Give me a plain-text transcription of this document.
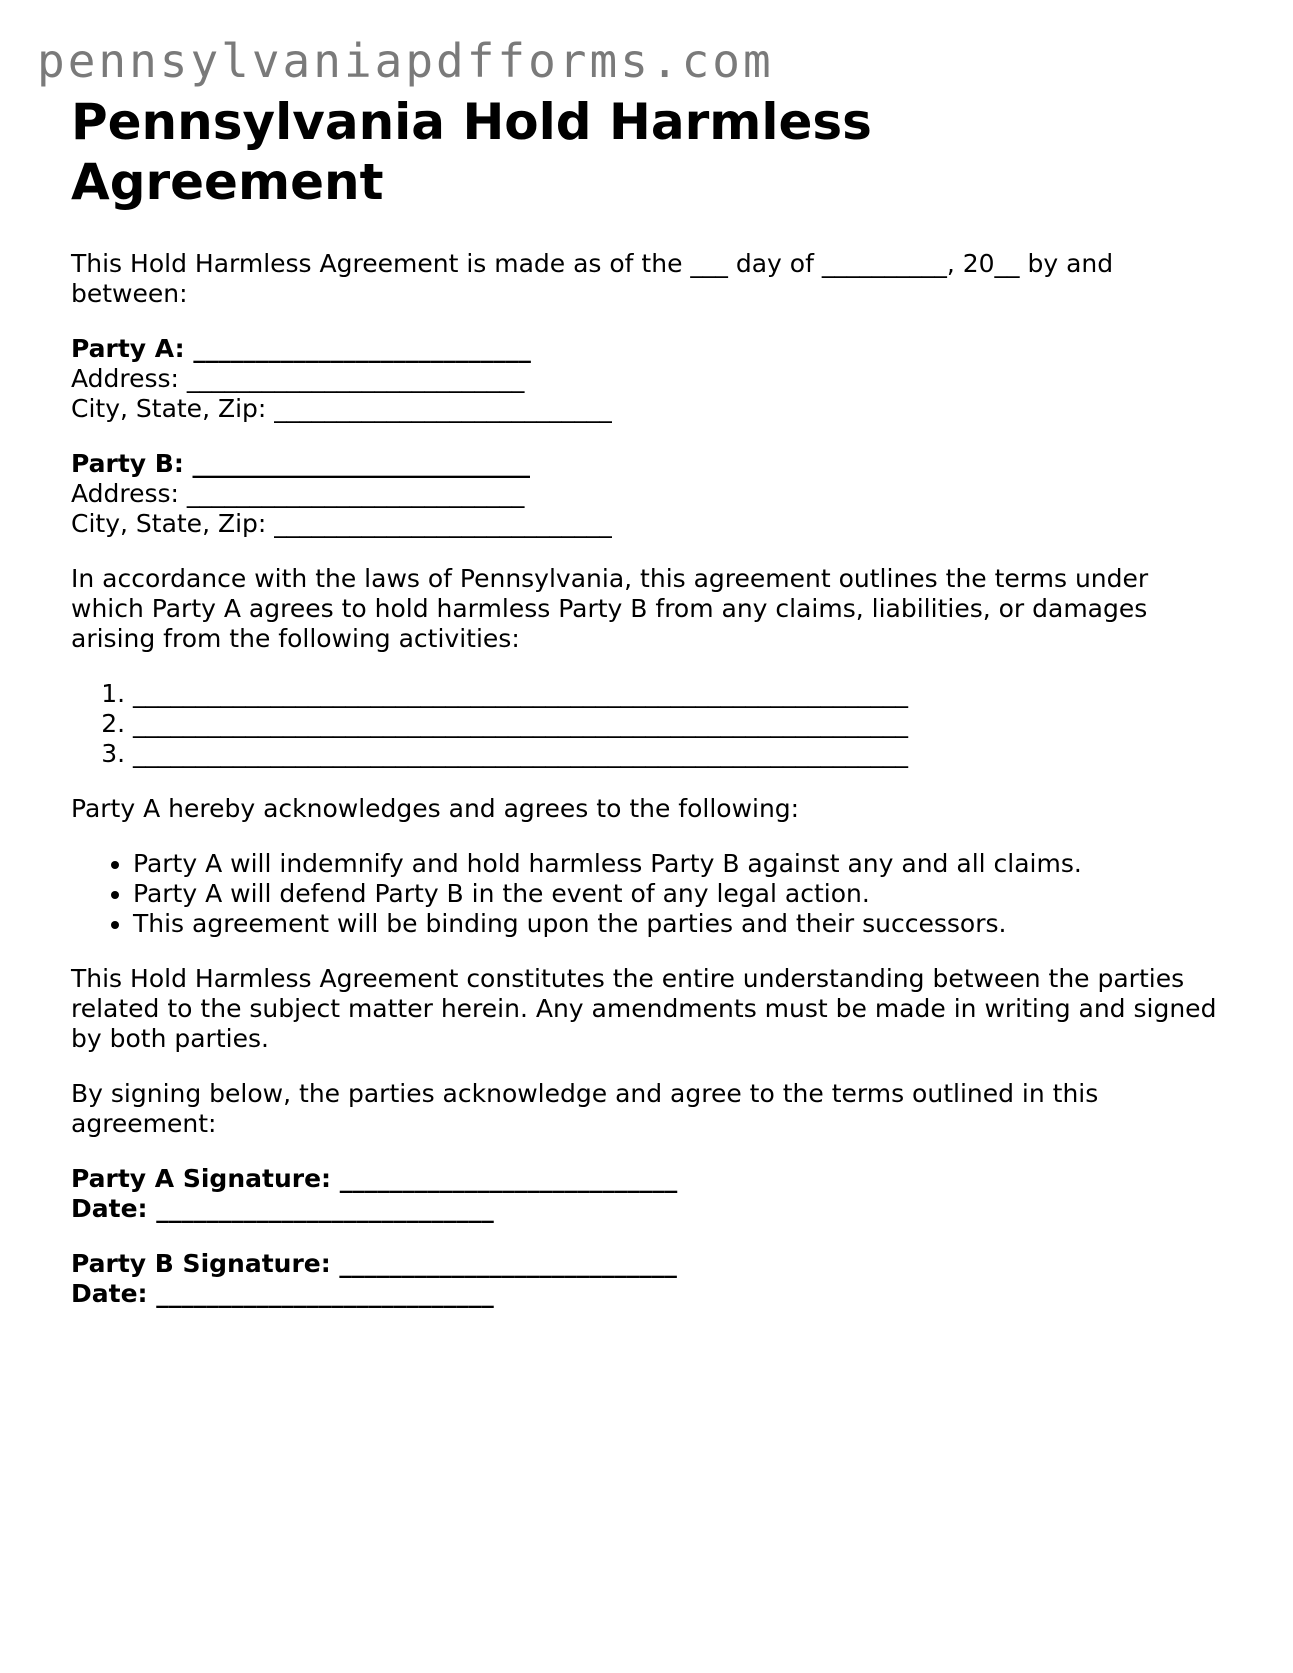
pennsylvaniapdfforms.com
Pennsylvania Hold Harmless Agreement

This Hold Harmless Agreement is made as of the ___ day of __________, 20__ by and between:

Party A: ___________________________
Address: ___________________________
City, State, Zip: ___________________________
Party B: ___________________________
Address: ___________________________
City, State, Zip: ___________________________

In accordance with the laws of Pennsylvania, this agreement outlines the terms under which Party A agrees to hold harmless Party B from any claims, liabilities, or damages arising from the following activities:

1. ______________________________________________________________
2. ______________________________________________________________
3. ______________________________________________________________

Party A hereby acknowledges and agrees to the following:

• Party A will indemnify and hold harmless Party B against any and all claims.
• Party A will defend Party B in the event of any legal action.
• This agreement will be binding upon the parties and their successors.

This Hold Harmless Agreement constitutes the entire understanding between the parties related to the subject matter herein. Any amendments must be made in writing and signed by both parties.

By signing below, the parties acknowledge and agree to the terms outlined in this agreement:

Party A Signature: ___________________________
Date: ___________________________
Party B Signature: ___________________________
Date: ___________________________
